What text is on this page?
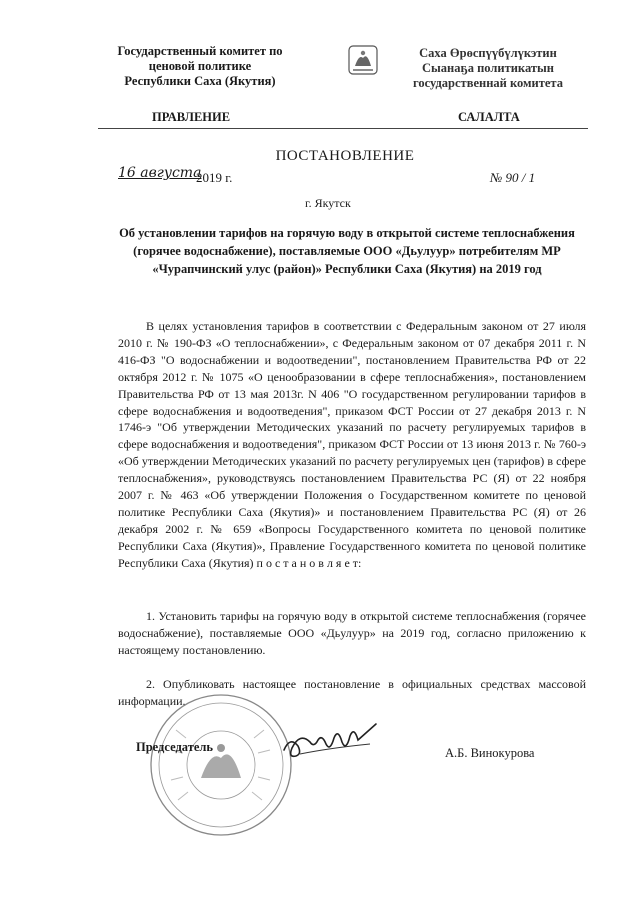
Государственный комитет по
ценовой политике
Республики Саха (Якутия)
Саха Өрөспүүбүлүкэтин
Сыанаҕа политикатын
государственнай комитета
ПРАВЛЕНИЕ	САЛАЛТА
ПОСТАНОВЛЕНИЕ
16 августа
2019 г.	№ 90 / 1
г. Якутск
Об установлении тарифов на горячую воду в открытой системе теплоснабжения (горячее водоснабжение), поставляемые ООО «Дьулуур» потребителям МР «Чурапчинский улус (район)» Республики Саха (Якутия) на 2019 год

В целях установления тарифов в соответствии с Федеральным законом от 27 июля 2010 г. № 190-ФЗ «О теплоснабжении», с Федеральным законом от 07 декабря 2011 г. N 416-ФЗ "О водоснабжении и водоотведении", постановлением Правительства РФ от 22 октября 2012 г. № 1075 «О ценообразовании в сфере теплоснабжения», постановлением Правительства РФ от 13 мая 2013г. N 406 "О государственном регулировании тарифов в сфере водоснабжения и водоотведения", приказом ФСТ России от 27 декабря 2013 г. N 1746-э "Об утверждении Методических указаний по расчету регулируемых тарифов в сфере водоснабжения и водоотведения", приказом ФСТ России от 13 июня 2013 г. № 760-э «Об утверждении Методических указаний по расчету регулируемых цен (тарифов) в сфере теплоснабжения», руководствуясь постановлением Правительства РС (Я) от 22 ноября 2007 г. № 463 «Об утверждении Положения о Государственном комитете по ценовой политике Республики Саха (Якутия)» и постановлением Правительства РС (Я) от 26 декабря 2002 г. № 659 «Вопросы Государственного комитета по ценовой политике Республики Саха (Якутия)», Правление Государственного комитета по ценовой политике Республики Саха (Якутия) п о с т а н о в л я е т:

1. Установить тарифы на горячую воду в открытой системе теплоснабжения (горячее водоснабжение), поставляемые ООО «Дьулуур» на 2019 год, согласно приложению к настоящему постановлению.
2. Опубликовать настоящее постановление в официальных средствах массовой информации.
Председатель	А.Б. Винокурова
